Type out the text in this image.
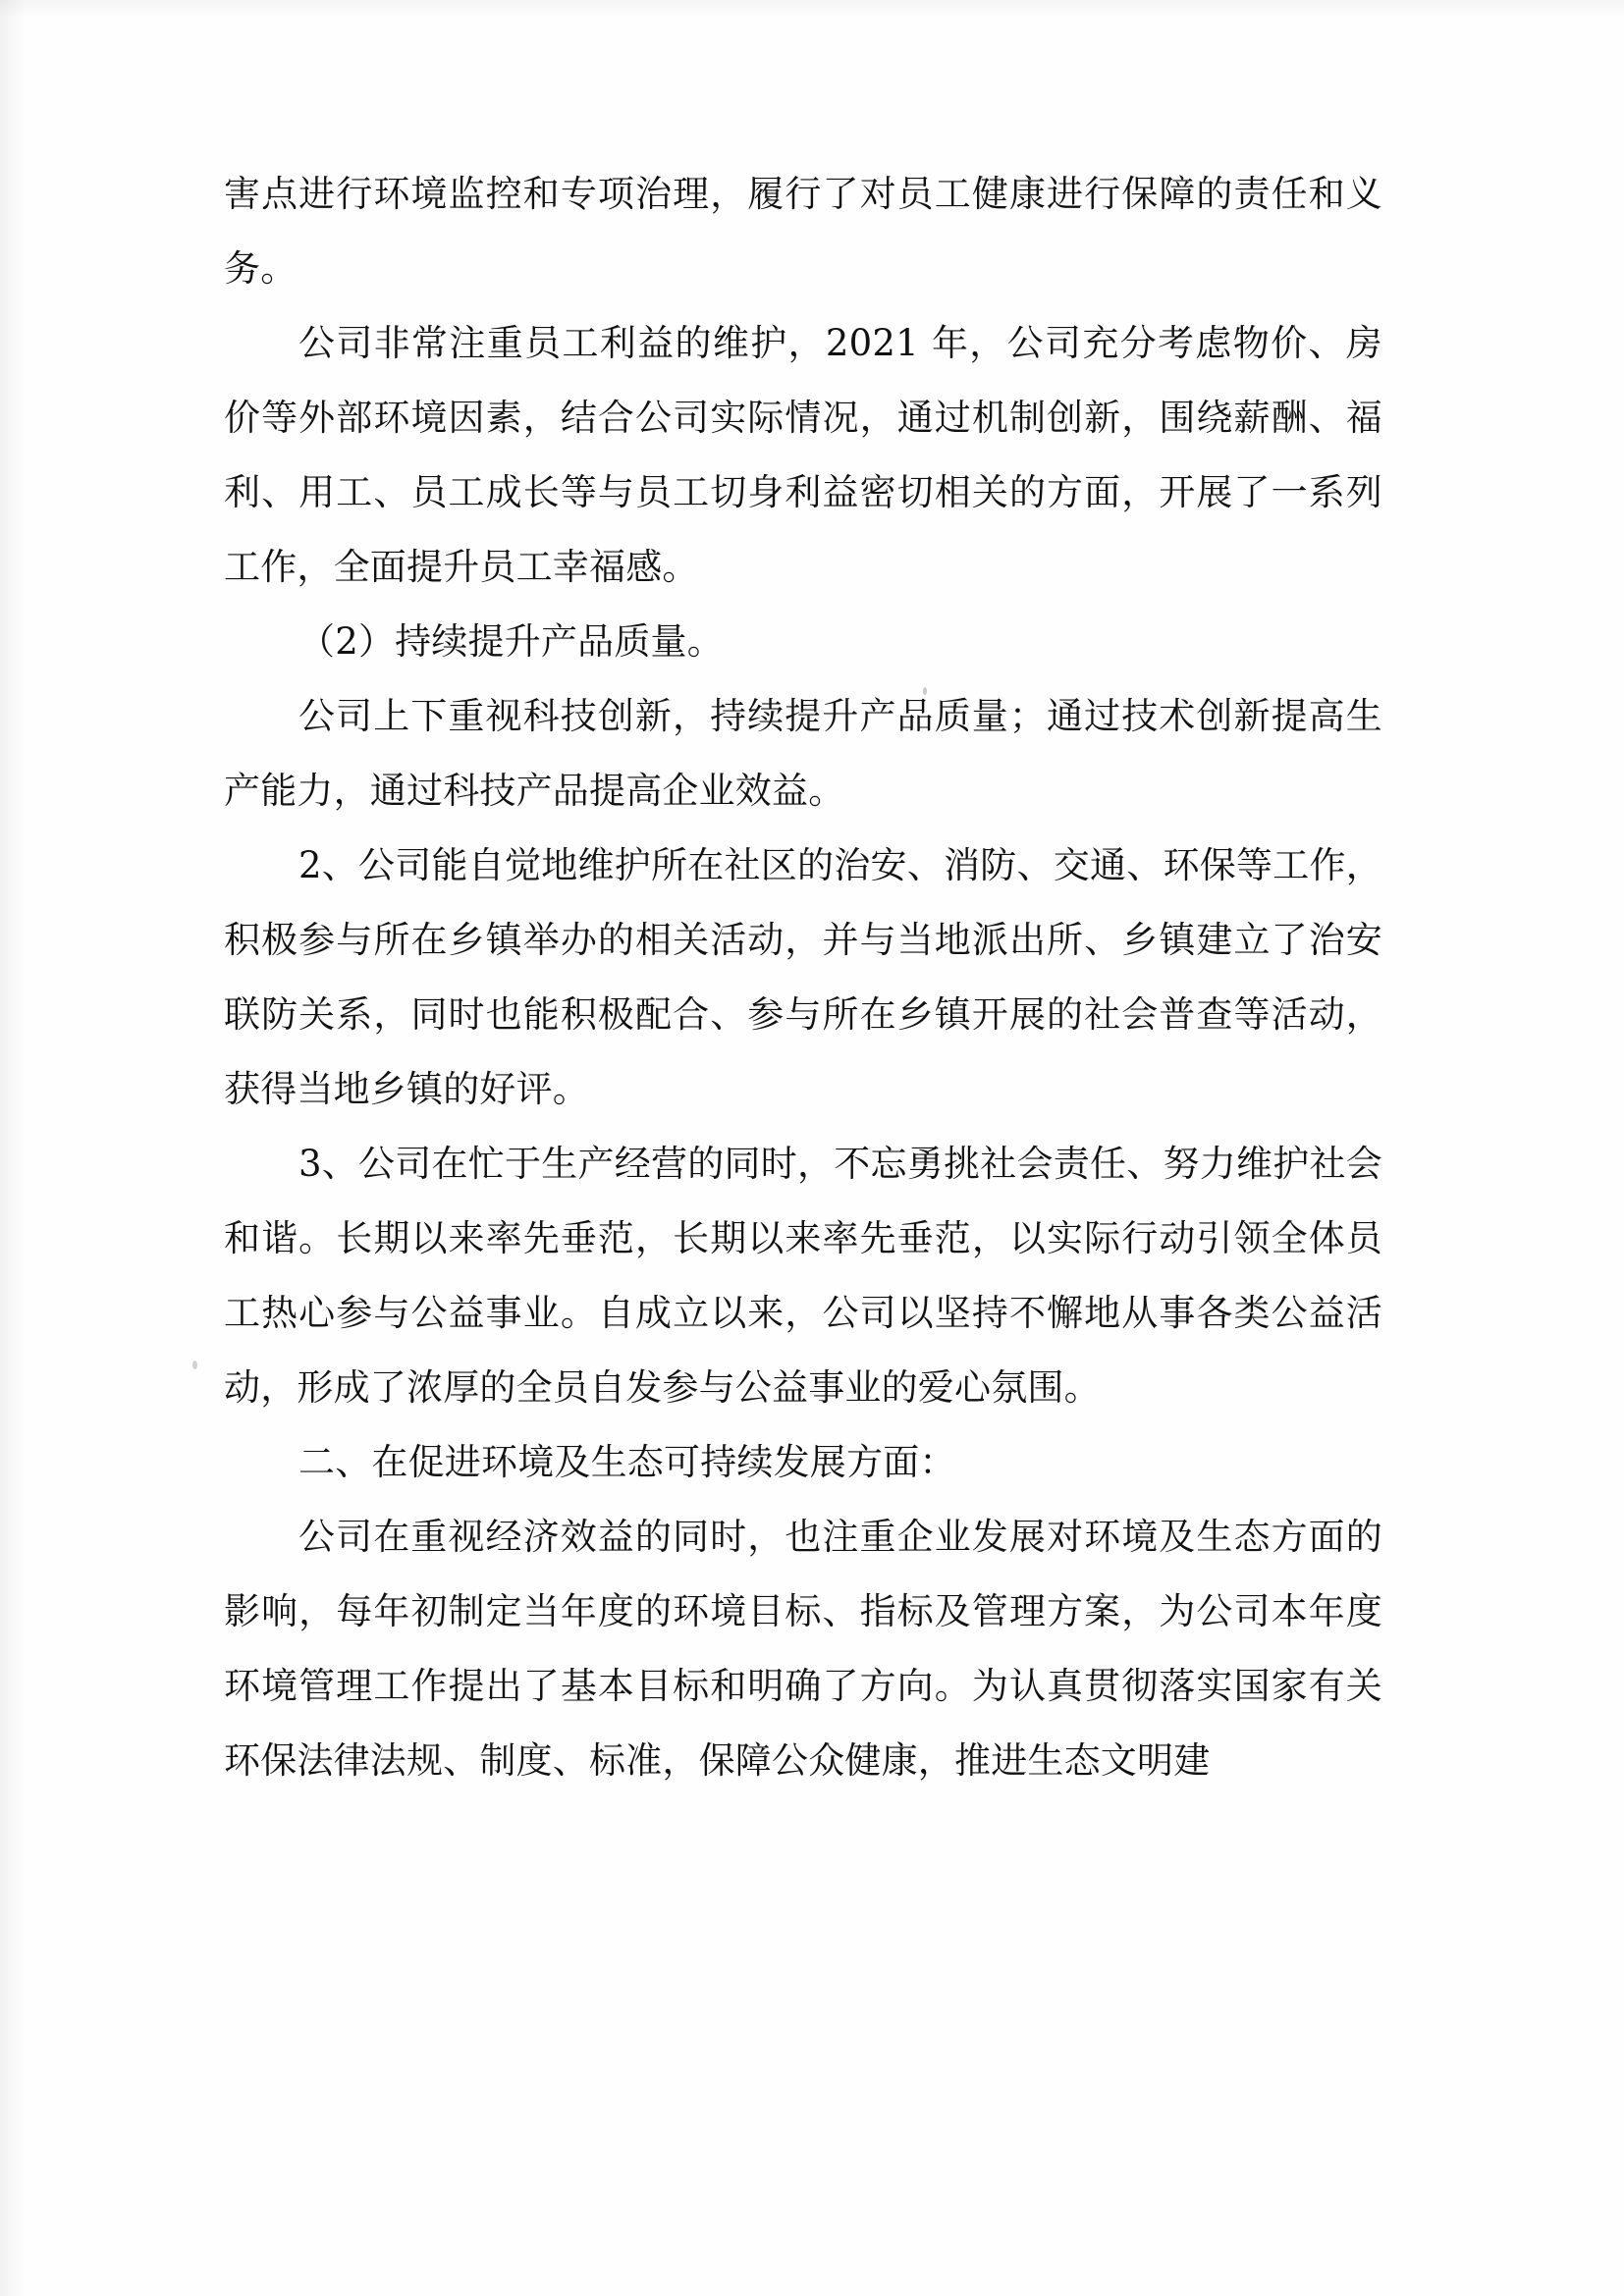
害点进行环境监控和专项治理，履行了对员工健康进行保障的责任和义务。

公司非常注重员工利益的维护，2021 年，公司充分考虑物价、房价等外部环境因素，结合公司实际情况，通过机制创新，围绕薪酬、福利、用工、员工成长等与员工切身利益密切相关的方面，开展了一系列工作，全面提升员工幸福感。

（2）持续提升产品质量。

公司上下重视科技创新，持续提升产品质量；通过技术创新提高生产能力，通过科技产品提高企业效益。

2、公司能自觉地维护所在社区的治安、消防、交通、环保等工作，积极参与所在乡镇举办的相关活动，并与当地派出所、乡镇建立了治安联防关系，同时也能积极配合、参与所在乡镇开展的社会普查等活动，获得当地乡镇的好评。

3、公司在忙于生产经营的同时，不忘勇挑社会责任、努力维护社会和谐。长期以来率先垂范，长期以来率先垂范，以实际行动引领全体员工热心参与公益事业。自成立以来，公司以坚持不懈地从事各类公益活动，形成了浓厚的全员自发参与公益事业的爱心氛围。

二、在促进环境及生态可持续发展方面：

公司在重视经济效益的同时，也注重企业发展对环境及生态方面的影响，每年初制定当年度的环境目标、指标及管理方案，为公司本年度环境管理工作提出了基本目标和明确了方向。为认真贯彻落实国家有关环保法律法规、制度、标准，保障公众健康，推进生态文明建
